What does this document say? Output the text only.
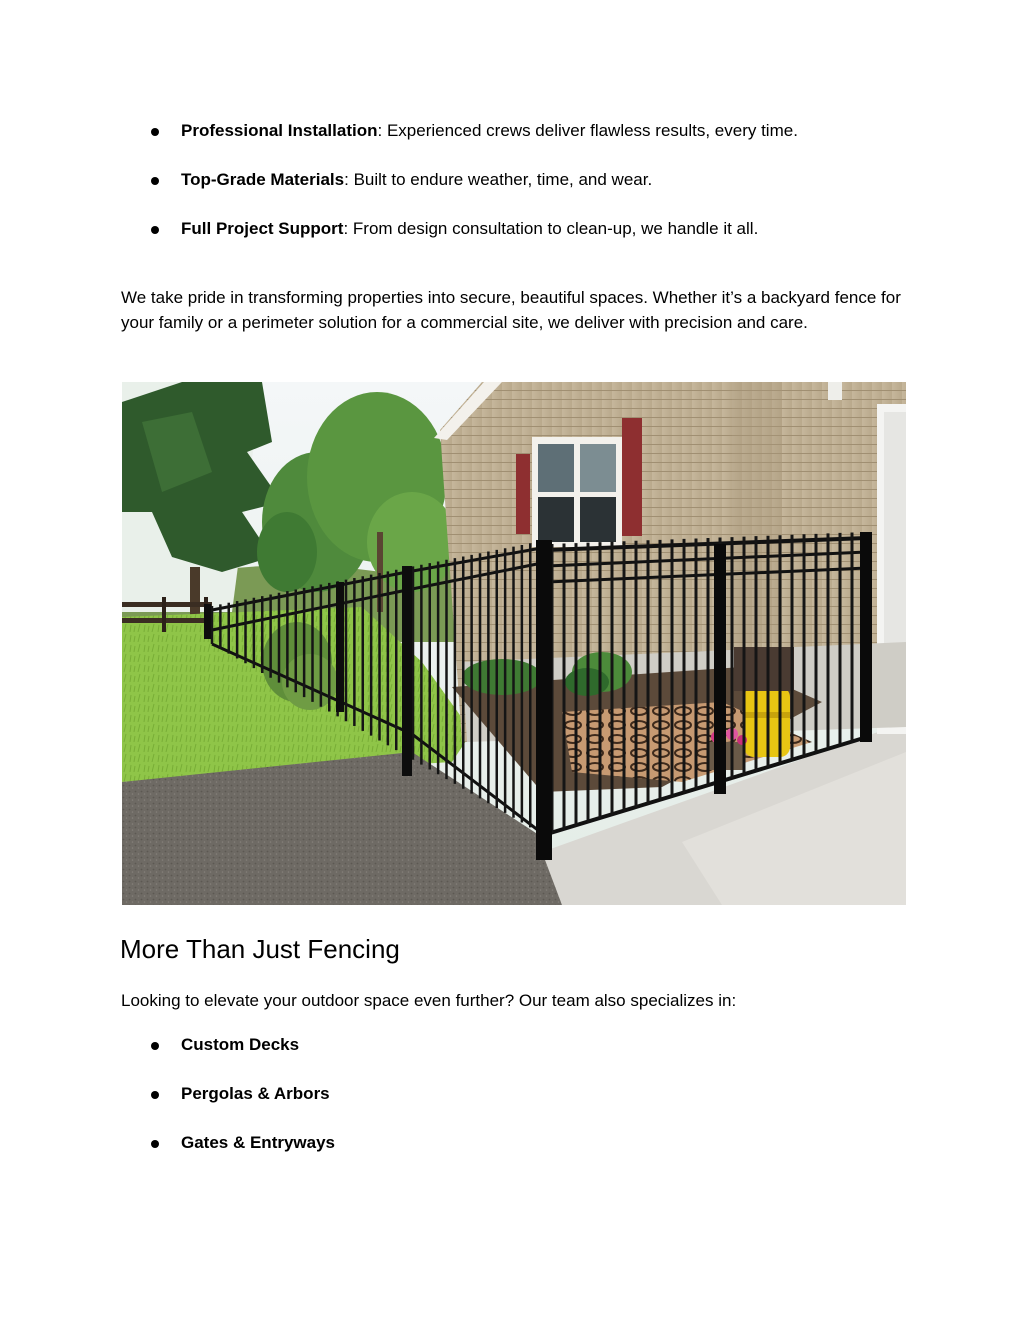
Professional Installation: Experienced crews deliver flawless results, every time.
Top-Grade Materials: Built to endure weather, time, and wear.
Full Project Support: From design consultation to clean-up, we handle it all.

We take pride in transforming properties into secure, beautiful spaces. Whether it’s a backyard fence for your family or a perimeter solution for a commercial site, we deliver with precision and care.

More Than Just Fencing

Looking to elevate your outdoor space even further? Our team also specializes in:

Custom Decks
Pergolas & Arbors
Gates & Entryways
